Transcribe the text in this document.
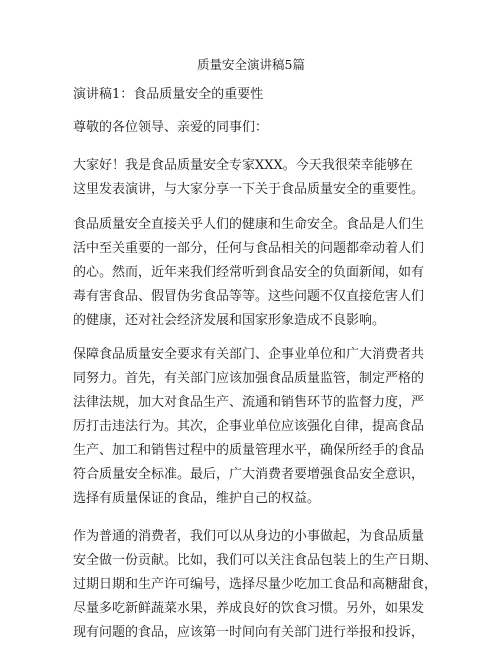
质量安全演讲稿5篇
演讲稿1：食品质量安全的重要性
尊敬的各位领导、亲爱的同事们：
大家好！我是食品质量安全专家XXX。今天我很荣幸能够在
这里发表演讲，与大家分享一下关于食品质量安全的重要性。
食品质量安全直接关乎人们的健康和生命安全。食品是人们生
活中至关重要的一部分，任何与食品相关的问题都牵动着人们
的心。然而，近年来我们经常听到食品安全的负面新闻，如有
毒有害食品、假冒伪劣食品等等。这些问题不仅直接危害人们
的健康，还对社会经济发展和国家形象造成不良影响。
保障食品质量安全要求有关部门、企事业单位和广大消费者共
同努力。首先，有关部门应该加强食品质量监管，制定严格的
法律法规，加大对食品生产、流通和销售环节的监督力度，严
厉打击违法行为。其次，企事业单位应该强化自律，提高食品
生产、加工和销售过程中的质量管理水平，确保所经手的食品
符合质量安全标准。最后，广大消费者要增强食品安全意识，
选择有质量保证的食品，维护自己的权益。
作为普通的消费者，我们可以从身边的小事做起，为食品质量
安全做一份贡献。比如，我们可以关注食品包装上的生产日期、
过期日期和生产许可编号，选择尽量少吃加工食品和高糖甜食，
尽量多吃新鲜蔬菜水果，养成良好的饮食习惯。另外，如果发
现有问题的食品，应该第一时间向有关部门进行举报和投诉，
